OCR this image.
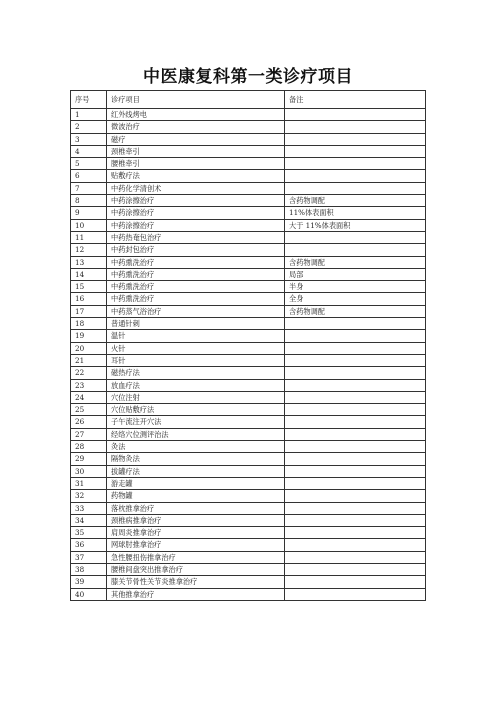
中医康复科第一类诊疗项目
序号	诊疗项目	备注
1	红外线烤电	
2	微波治疗	
3	磁疗	
4	颈椎牵引	
5	腰椎牵引	
6	贴敷疗法	
7	中药化学清创术	
8	中药涂擦治疗	含药物调配
9	中药涂擦治疗	11%体表面积
10	中药涂擦治疗	大于 11%体表面积
11	中药热奄包治疗	
12	中药封包治疗	
13	中药熏洗治疗	含药物调配
14	中药熏洗治疗	局部
15	中药熏洗治疗	半身
16	中药熏洗治疗	全身
17	中药蒸气浴治疗	含药物调配
18	普通针刺	
19	温针	
20	火针	
21	耳针	
22	磁热疗法	
23	放血疗法	
24	穴位注射	
25	穴位贴敷疗法	
26	子午流注开穴法	
27	经络穴位测评治法	
28	灸法	
29	隔物灸法	
30	拔罐疗法	
31	游走罐	
32	药物罐	
33	落枕推拿治疗	
34	颈椎病推拿治疗	
35	肩周炎推拿治疗	
36	网球肘推拿治疗	
37	急性腰扭伤推拿治疗	
38	腰椎间盘突出推拿治疗	
39	膝关节骨性关节炎推拿治疗	
40	其他推拿治疗	
